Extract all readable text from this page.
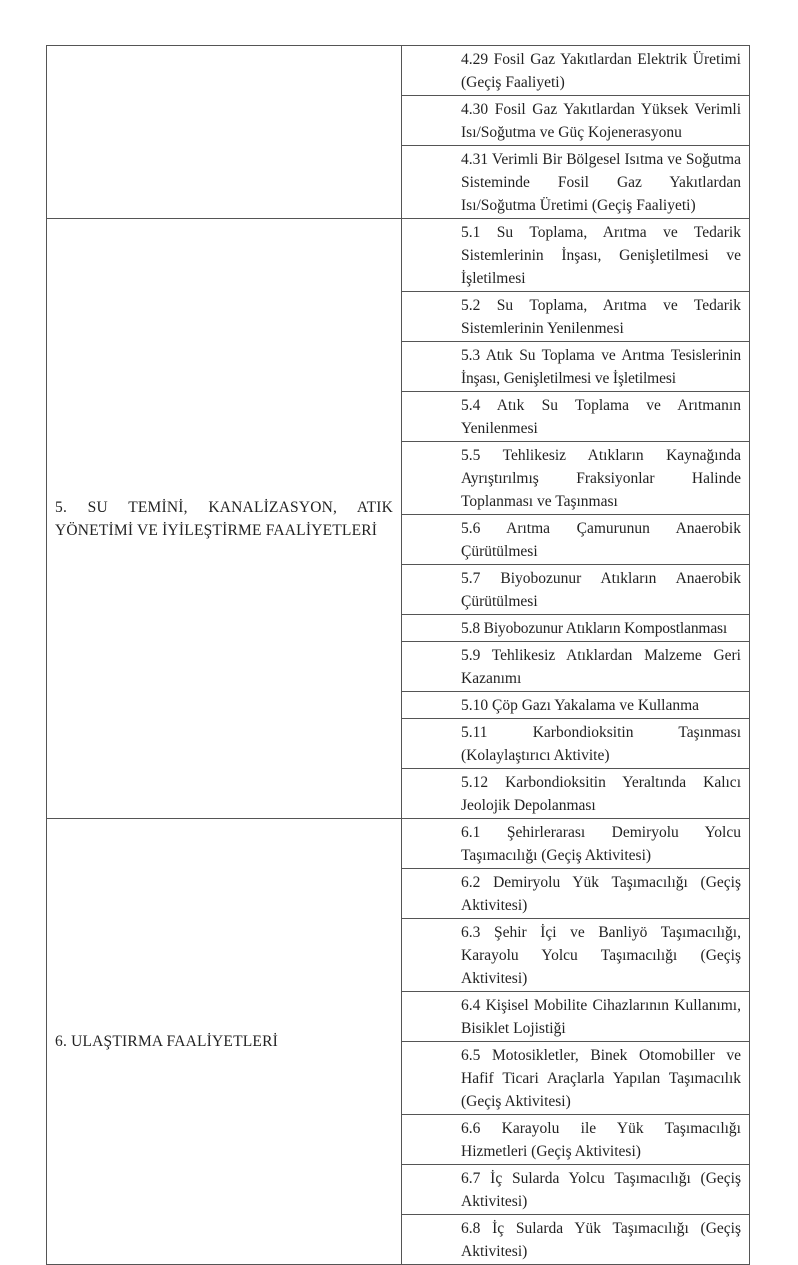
	4.29 Fosil Gaz Yakıtlardan Elektrik Üretimi (Geçiş Faaliyeti)

	4.30 Fosil Gaz Yakıtlardan Yüksek Verimli Isı/Soğutma ve Güç Kojenerasyonu

	4.31 Verimli Bir Bölgesel Isıtma ve Soğutma Sisteminde Fosil Gaz Yakıtlardan Isı/Soğutma Üretimi (Geçiş Faaliyeti)

5. SU TEMİNİ, KANALİZASYON, ATIK YÖNETİMİ VE İYİLEŞTİRME FAALİYETLERİ	5.1 Su Toplama, Arıtma ve Tedarik Sistemlerinin İnşası, Genişletilmesi ve İşletilmesi

	5.2 Su Toplama, Arıtma ve Tedarik Sistemlerinin Yenilenmesi

	5.3 Atık Su Toplama ve Arıtma Tesislerinin İnşası, Genişletilmesi ve İşletilmesi

	5.4 Atık Su Toplama ve Arıtmanın Yenilenmesi

	5.5 Tehlikesiz Atıkların Kaynağında Ayrıştırılmış Fraksiyonlar Halinde Toplanması ve Taşınması

	5.6 Arıtma Çamurunun Anaerobik Çürütülmesi

	5.7 Biyobozunur Atıkların Anaerobik Çürütülmesi

	5.8 Biyobozunur Atıkların Kompostlanması

	5.9 Tehlikesiz Atıklardan Malzeme Geri Kazanımı

	5.10 Çöp Gazı Yakalama ve Kullanma

	5.11 Karbondioksitin Taşınması (Kolaylaştırıcı Aktivite)

	5.12 Karbondioksitin Yeraltında Kalıcı Jeolojik Depolanması

6. ULAŞTIRMA FAALİYETLERİ	6.1 Şehirlerarası Demiryolu Yolcu Taşımacılığı (Geçiş Aktivitesi)

	6.2 Demiryolu Yük Taşımacılığı (Geçiş Aktivitesi)

	6.3 Şehir İçi ve Banliyö Taşımacılığı, Karayolu Yolcu Taşımacılığı (Geçiş Aktivitesi)

	6.4 Kişisel Mobilite Cihazlarının Kullanımı, Bisiklet Lojistiği

	6.5 Motosikletler, Binek Otomobiller ve Hafif Ticari Araçlarla Yapılan Taşımacılık (Geçiş Aktivitesi)

	6.6 Karayolu ile Yük Taşımacılığı Hizmetleri (Geçiş Aktivitesi)

	6.7 İç Sularda Yolcu Taşımacılığı (Geçiş Aktivitesi)

	6.8 İç Sularda Yük Taşımacılığı (Geçiş Aktivitesi)
